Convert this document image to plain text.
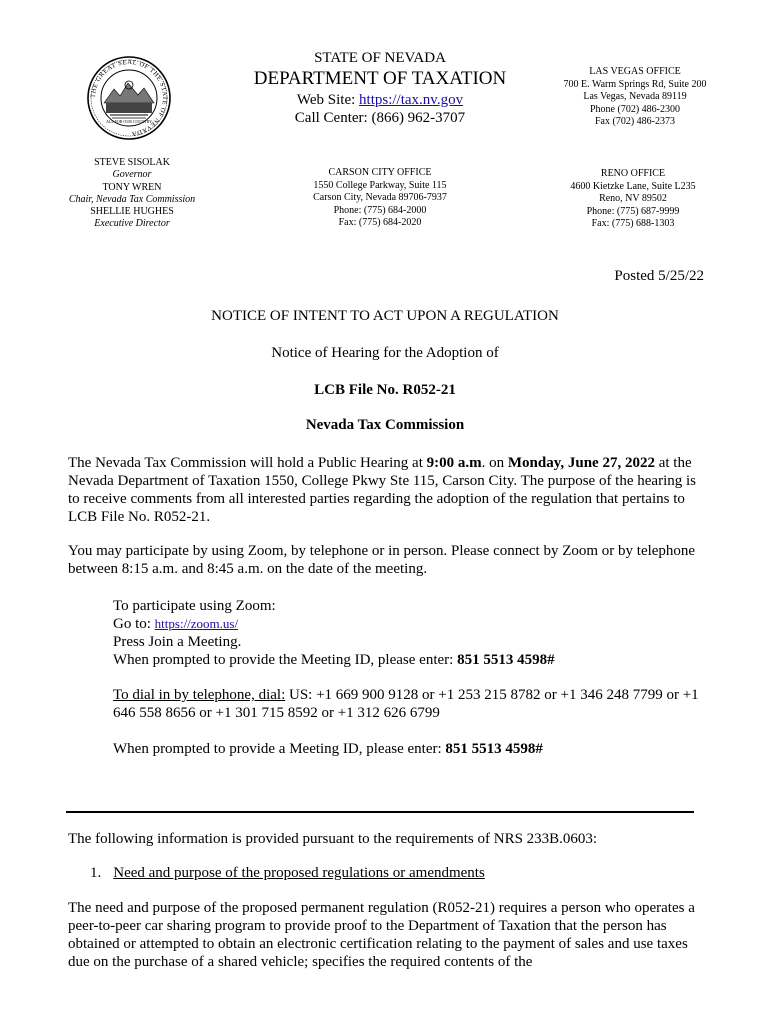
THE GREAT SEAL OF THE STATE OF NEVADA
ALL FOR OUR COUNTRY
STATE OF NEVADA
DEPARTMENT OF TAXATION
Web Site: https://tax.nv.gov
Call Center: (866) 962-3707
LAS VEGAS OFFICE
700 E. Warm Springs Rd, Suite 200
Las Vegas, Nevada 89119
Phone (702) 486-2300
Fax (702) 486-2373
STEVE SISOLAK
Governor
TONY WREN
Chair, Nevada Tax Commission
SHELLIE HUGHES
Executive Director
CARSON CITY OFFICE
1550 College Parkway, Suite 115
Carson City, Nevada 89706-7937
Phone: (775) 684-2000
Fax: (775) 684-2020
RENO OFFICE
4600 Kietzke Lane, Suite L235
Reno, NV 89502
Phone: (775) 687-9999
Fax: (775) 688-1303
Posted 5/25/22
NOTICE OF INTENT TO ACT UPON A REGULATION
Notice of Hearing for the Adoption of
LCB File No. R052-21
Nevada Tax Commission
The Nevada Tax Commission will hold a Public Hearing at 9:00 a.m. on Monday, June 27, 2022 at the Nevada Department of Taxation 1550, College Pkwy Ste 115, Carson City. The purpose of the hearing is to receive comments from all interested parties regarding the adoption of the regulation that pertains to LCB File No. R052-21.
You may participate by using Zoom, by telephone or in person. Please connect by Zoom or by telephone between 8:15 a.m. and 8:45 a.m. on the date of the meeting.
To participate using Zoom:
Go to: https://zoom.us/
Press Join a Meeting.
When prompted to provide the Meeting ID, please enter: 851 5513 4598#
To dial in by telephone, dial: US: +1 669 900 9128 or +1 253 215 8782 or +1 346 248 7799 or +1 646 558 8656 or +1 301 715 8592 or +1 312 626 6799
When prompted to provide a Meeting ID, please enter: 851 5513 4598#
The following information is provided pursuant to the requirements of NRS 233B.0603:
1. Need and purpose of the proposed regulations or amendments
The need and purpose of the proposed permanent regulation (R052-21) requires a person who operates a peer-to-peer car sharing program to provide proof to the Department of Taxation that the person has obtained or attempted to obtain an electronic certification relating to the payment of sales and use taxes due on the purchase of a shared vehicle; specifies the required contents of the
